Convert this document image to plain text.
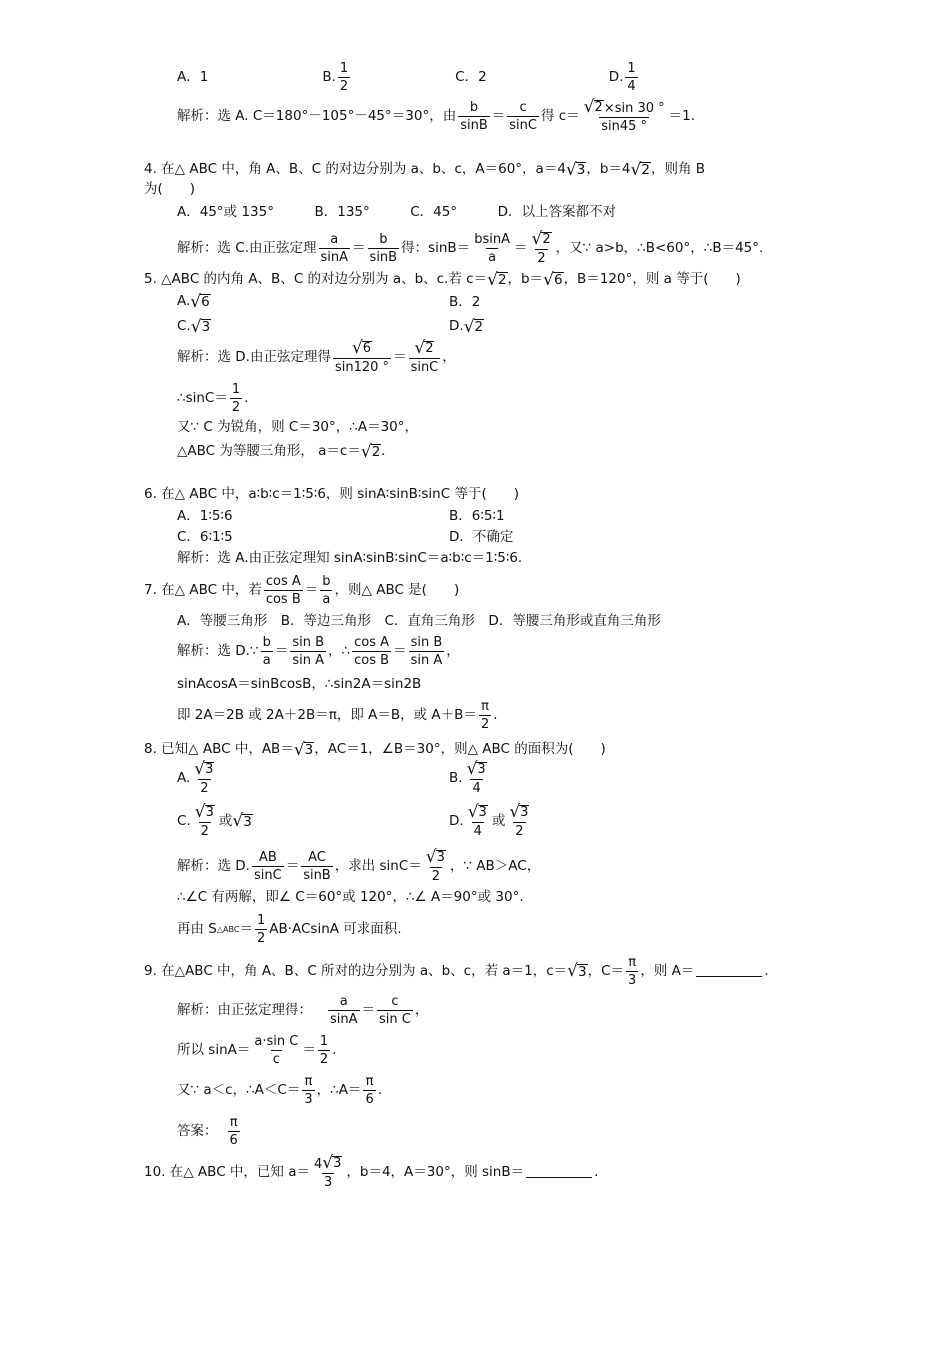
A．1	B. $\frac{1}{2}$	C．2	D. $\frac{1}{4}$
解析：选 A. C＝180°－105°－45°＝30°，由 $\frac{b}{\sin B} = \frac{c}{\sin C}$ 得 $c= \frac{√ 2 \times\sin 30 ^\circ}{\sin 45 ^\circ} =1$.
4. 在△ ABC 中，角 A、B、C 的对边分别为 a、b、c，A＝60°，a＝4 √ 3 ，b＝4 √ 2 ，则角 B
为(　　)
A．45°或 135°　　　B．135°　　　C．45°　　　D．以上答案都不对
解析：选 C.由正弦定理 $\frac{a}{\sin A} = \frac{b}{\sin B}$ 得：$\sin B= \frac{bsinA}{a} = \frac{√ 2}{2}$ ，又∵ a>b，∴B<60°，∴B＝45°.
5. △ABC 的内角 A、B、C 的对边分别为 a、b、c.若 c＝ √ 2 ，b＝ √ 6 ，B＝120°，则 a 等于(　　)
A. √ 6	B．2
C. √ 3	D. √ 2
解析：选 D.由正弦定理得 $\frac{√ 6}{\sin 120 ^\circ} = \frac{√ 2}{\sin C}$ ，
∴sinC＝ $\frac{1}{2}$ .
又∵ C 为锐角，则 C＝30°，∴A＝30°，
△ABC 为等腰三角形， a＝c＝ √ 2 .
6. 在△ ABC 中，a∶b∶c＝1∶5∶6，则 sinA∶sinB∶sinC 等于(　　)
A．1∶5∶6	B．6∶5∶1
C．6∶1∶5	D．不确定
解析：选 A.由正弦定理知 sinA∶sinB∶sinC＝a∶b∶c＝1∶5∶6.
7. 在△ ABC 中，若 $\frac{\text{cos A}}{\text{cos B}} = \frac{b}{a}$ ，则△ ABC 是(　　)
A．等腰三角形　B．等边三角形　C．直角三角形　D．等腰三角形或直角三角形
解析：选 D.∵ $\frac{b}{a} = \frac{\text{sin B}}{\text{sin A}}$ ，∴ $\frac{\text{cos A}}{\text{cos B}} = \frac{\text{sin B}}{\text{sin A}}$ ，
sinAcosA＝sinBcosB，∴sin2A＝sin2B
即 2A＝2B 或 2A＋2B＝π，即 A＝B，或 $A+B= \frac{\pi}{2}$ .
8. 已知△ ABC 中，AB＝ √ 3 ，AC＝1，∠B＝30°，则△ ABC 的面积为(　　)
A. $\frac{√ 3}{2}$	B. $\frac{√ 3}{4}$
C. $\frac{√ 3}{2}$ 或 √ 3	D. $\frac{√ 3}{4}$ 或 $\frac{√ 3}{2}$
解析：选 D. $\frac{AB}{\sin C} = \frac{AC}{\sin B}$ ，求出 $\sin C= \frac{√ 3}{2}$ ，∵ AB＞AC，
∴∠C 有两解，即∠ C＝60°或 120°，∴∠ A＝90°或 30°.
再由 S △ABC ＝ $\frac{1}{2} AB\cdot ACsinA$ 可求面积.
9. 在△ABC 中，角 A、B、C 所对的边分别为 a、b、c，若 a＝1，c＝ √ 3 ，$C= \frac{\pi}{3}$ ，则 A＝	.
解析：由正弦定理得： $\frac{a}{\sin A} = \frac{c}{\text{sin C}}$ ，
所以 $\sin A= \frac{\text{a·sin C}}{c} = \frac{1}{2}$ .
又∵ a＜c，∴A＜C＝ $\frac{\pi}{3}$ ，∴A＝ $\frac{\pi}{6}$ .
答案： $\frac{\pi}{6}$
10. 在△ ABC 中，已知 $a= \frac{4 √ 3}{3}$ ，b＝4，A＝30°，则 sinB＝	.
